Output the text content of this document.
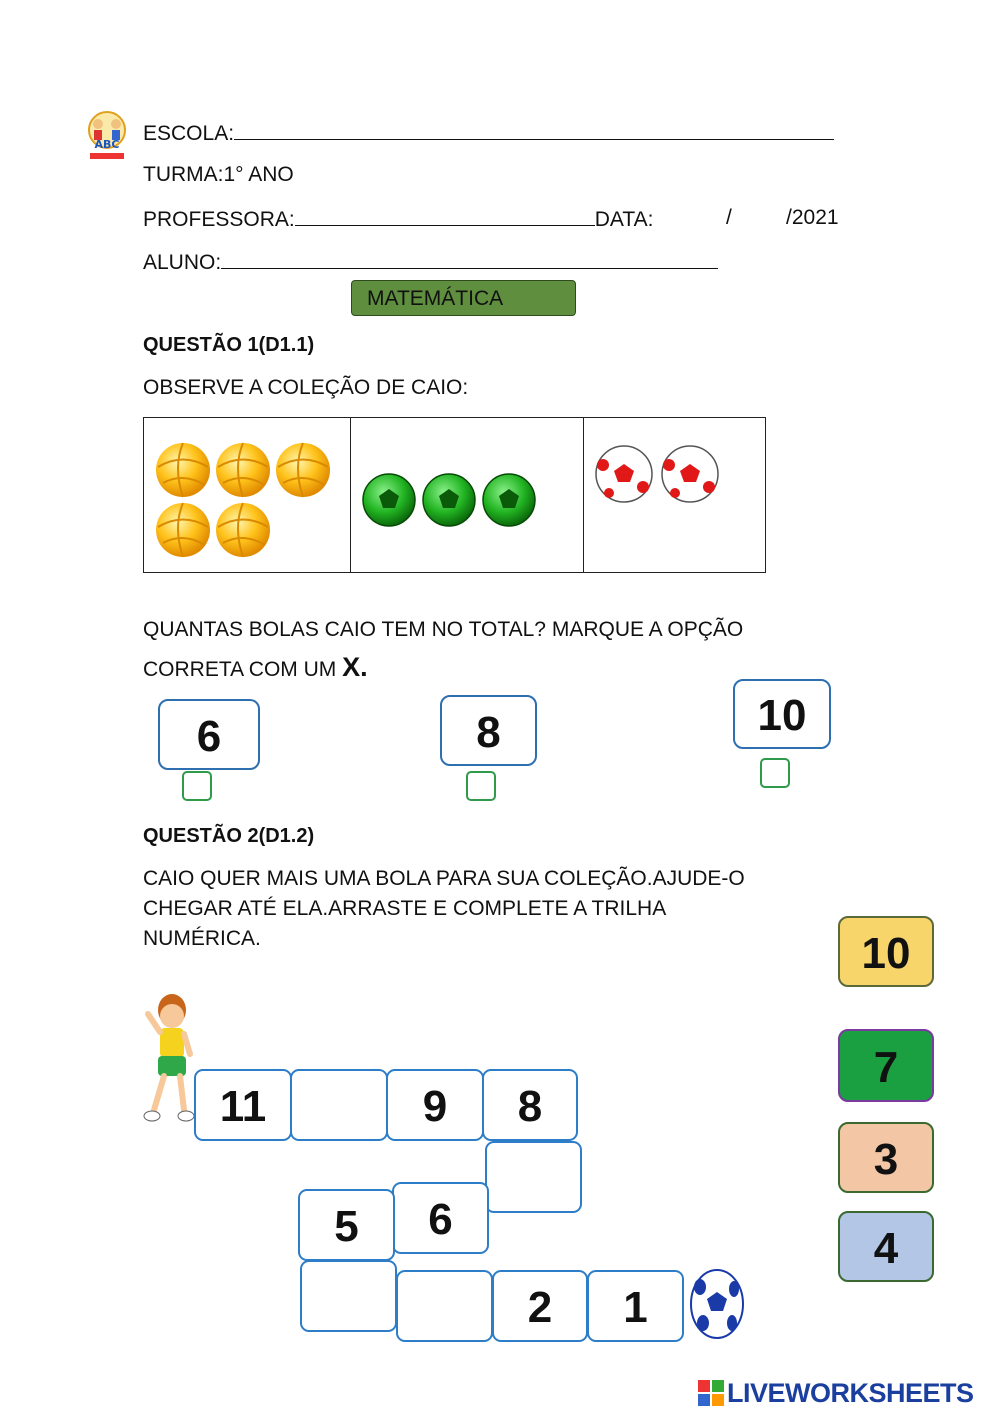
ABC ESCOLA:
TURMA:1° ANO
PROFESSORA:	DATA:	/	/2021
ALUNO:
MATEMÁTICA
QUESTÃO 1(D1.1)
OBSERVE A COLEÇÃO DE CAIO:
QUANTAS BOLAS CAIO TEM NO TOTAL? MARQUE A OPÇÃO
CORRETA COM UM X.
6	8	10
QUESTÃO 2(D1.2)
CAIO QUER MAIS UMA BOLA PARA SUA COLEÇÃO.AJUDE-O
CHEGAR ATÉ ELA.ARRASTE E COMPLETE A TRILHA
NUMÉRICA.
11	9	8
6
5
2	1
10
7
3
4
LIVEWORKSHEETS
